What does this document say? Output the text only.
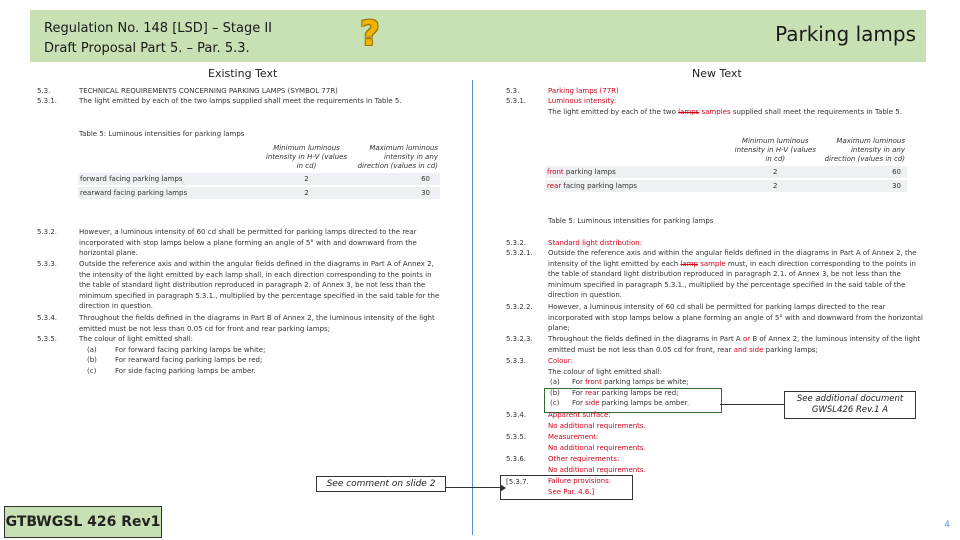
Regulation No. 148 [LSD] – Stage II
Draft Proposal Part 5. – Par. 5.3.	?	Parking lamps
Existing Text	New Text
5.3.
5.3.1.
TECHNICAL REQUIREMENTS CONCERNING PARKING LAMPS (SYMBOL 77R)
The light emitted by each of the two lamps supplied shall meet the requirements in Table 5.
Table 5: Luminous intensities for parking lamps
	Minimum luminous intensity in H-V (values in cd)	Maximum luminous intensity in any direction (values in cd)
forward facing parking lamps	2	60
rearward facing parking lamps	2	30
5.3.2.	However, a luminous intensity of 60 cd shall be permitted for parking lamps directed to the rear incorporated with stop lamps below a plane forming an angle of 5° with and downward from the horizontal plane.
5.3.3.	Outside the reference axis and within the angular fields defined in the diagrams in Part A of Annex 2, the intensity of the light emitted by each lamp shall, in each direction corresponding to the points in the table of standard light distribution reproduced in paragraph 2. of Annex 3, be not less than the minimum specified in paragraph 5.3.1., multiplied by the percentage specified in the said table for the direction in question.
5.3.4.	Throughout the fields defined in the diagrams in Part B of Annex 2, the luminous intensity of the light emitted must be not less than 0.05 cd for front and rear parking lamps;
5.3.5.	The colour of light emitted shall:
(a)	For forward facing parking lamps be white;
(b)	For rearward facing parking lamps be red;
(c)	For side facing parking lamps be amber.
See comment on slide 2
5.3.
5.3.1.
Parking lamps (77R)
Luminous intensity:
The light emitted by each of the two lamps samples supplied shall meet the requirements in Table 5.
	Minimum luminous intensity in H-V (values in cd)	Maximum luminous intensity in any direction (values in cd)
front parking lamps	2	60
rear facing parking lamps	2	30
Table 5: Luminous intensities for parking lamps
5.3.2.
5.3.2.1.
Standard light distribution:
Outside the reference axis and within the angular fields defined in the diagrams in Part A of Annex 2, the intensity of the light emitted by each lamp sample must, in each direction corresponding to the points in the table of standard light distribution reproduced in paragraph 2.1. of Annex 3, be not less than the minimum specified in paragraph 5.3.1., multiplied by the percentage specified in the said table of the direction in question.
5.3.2.2. However, a luminous intensity of 60 cd shall be permitted for parking lamps directed to the rear incorporated with stop lamps below a plane forming an angle of 5° with and downward from the horizontal plane;
5.3.2.3. Throughout the fields defined in the diagrams in Part A or B of Annex 2, the luminous intensity of the light emitted must be not less than 0.05 cd for front, rear and side parking lamps;
5.3.3.	Colour:
The colour of light emitted shall:
(a) For front parking lamps be white;
(b) For rear parking lamps be red;
(c) For side parking lamps be amber.	See additional document GWSL426 Rev.1 A
5.3.4.	Apparent surface:
No additional requirements.
5.3.5.	Measurement:
No additional requirements.
5.3.6.	Other requirements:
No additional requirements.
[5.3.7.	Failure provisions:
See Par. 4.6.]
GTBWGSL 426 Rev1	4
